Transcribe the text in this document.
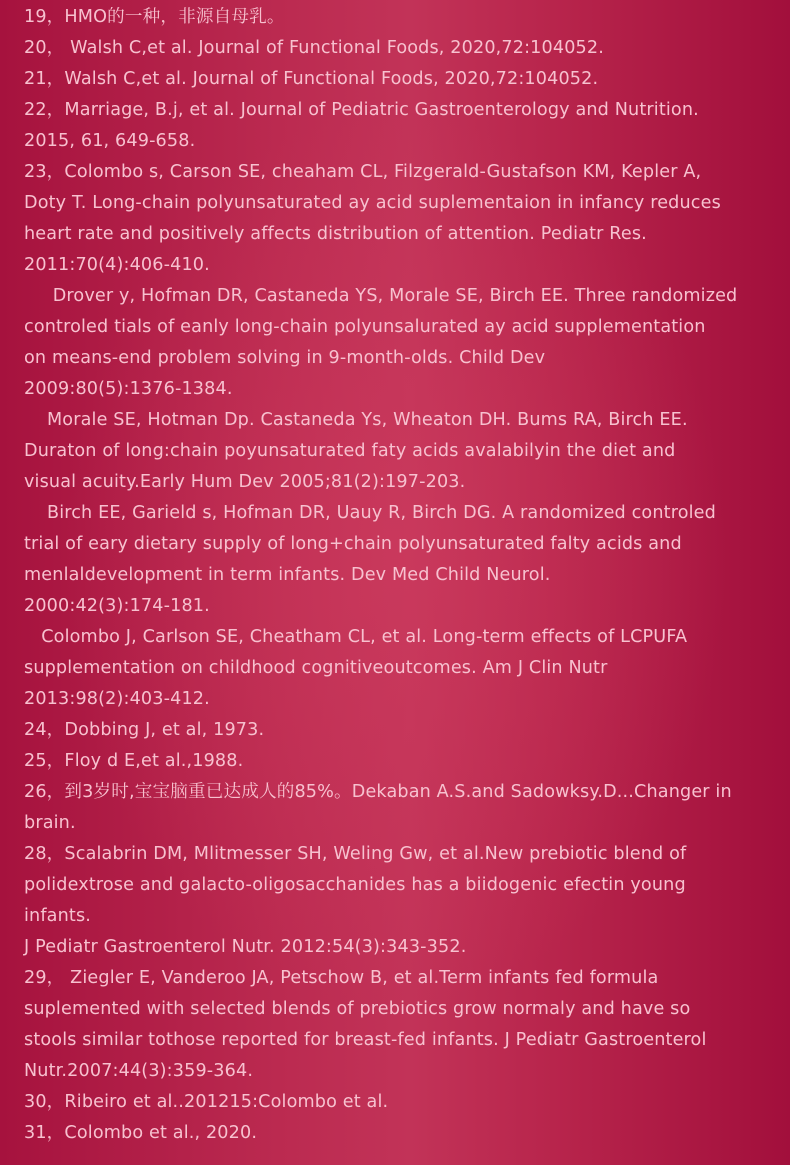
19，HMO的一种，非源自母乳。
20， Walsh C,et al. Journal of Functional Foods, 2020,72:104052.
21，Walsh C,et al. Journal of Functional Foods, 2020,72:104052.
22，Marriage, B.j, et al. Journal of Pediatric Gastroenterology and Nutrition.
2015, 61, 649-658.
23，Colombo s, Carson SE, cheaham CL, Filzgerald-Gustafson KM, Kepler A,
Doty T. Long-chain polyunsaturated ay acid suplementaion in infancy reduces
heart rate and positively affects distribution of attention. Pediatr Res.
2011:70(4):406-410.
Drover y, Hofman DR, Castaneda YS, Morale SE, Birch EE. Three randomized
controled tials of eanly long-chain polyunsalurated ay acid supplementation
on means-end problem solving in 9-month-olds. Child Dev
2009:80(5):1376-1384.
Morale SE, Hotman Dp. Castaneda Ys, Wheaton DH. Bums RA, Birch EE.
Duraton of long:chain poyunsaturated faty acids avalabilyin the diet and
visual acuity.Early Hum Dev 2005;81(2):197-203.
Birch EE, Garield s, Hofman DR, Uauy R, Birch DG. A randomized controled
trial of eary dietary supply of long+chain polyunsaturated falty acids and
menlaldevelopment in term infants. Dev Med Child Neurol.
2000:42(3):174-181.
Colombo J, Carlson SE, Cheatham CL, et al. Long-term effects of LCPUFA
supplementation on childhood cognitiveoutcomes. Am J Clin Nutr
2013:98(2):403-412.
24，Dobbing J, et al, 1973.
25，Floy d E,et al.,1988.
26，到3岁时,宝宝脑重已达成人的85%。Dekaban A.S.and Sadowksy.D...Changer in
brain.
28，Scalabrin DM, Mlitmesser SH, Weling Gw, et al.New prebiotic blend of
polidextrose and galacto-oligosacchanides has a biidogenic efectin young
infants.
J Pediatr Gastroenterol Nutr. 2012:54(3):343-352.
29， Ziegler E, Vanderoo JA, Petschow B, et al.Term infants fed formula
suplemented with selected blends of prebiotics grow normaly and have so
stools similar tothose reported for breast-fed infants. J Pediatr Gastroenterol
Nutr.2007:44(3):359-364.
30，Ribeiro et al..201215:Colombo et al.
31，Colombo et al., 2020.
